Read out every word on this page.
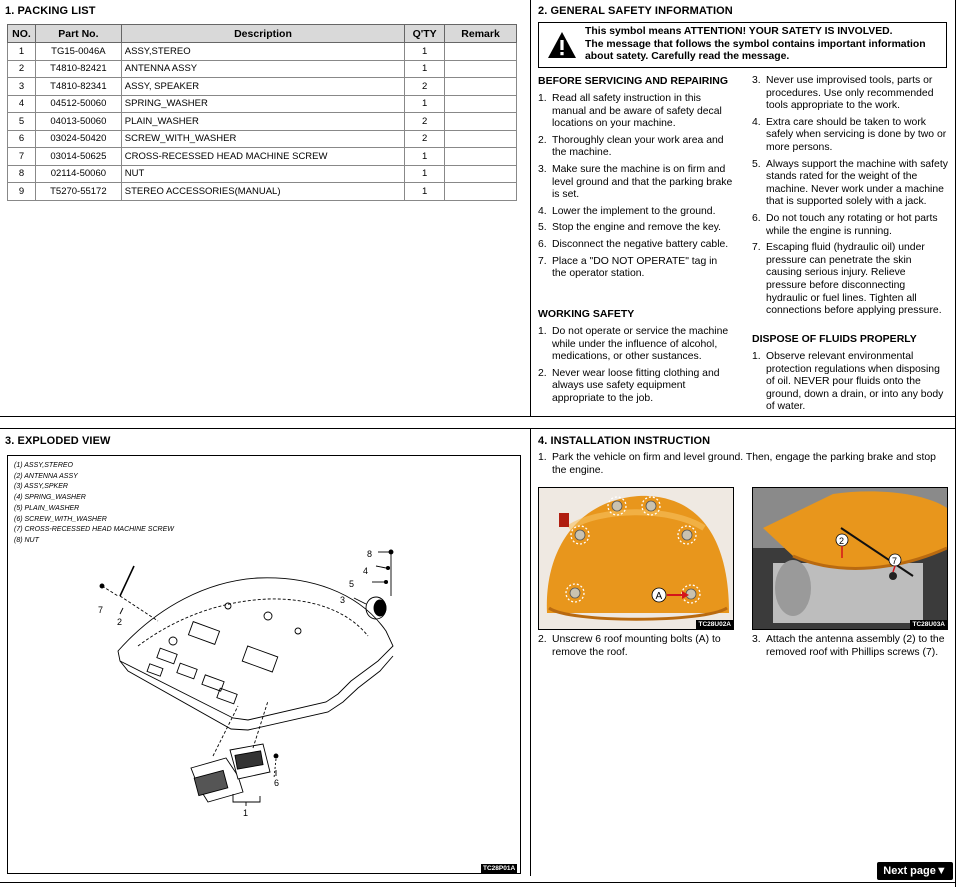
1. PACKING LIST
NO.	Part No.	Description	Q'TY	Remark
1	TG15-0046A	ASSY,STEREO	1	
2	T4810-82421	ANTENNA ASSY	1	
3	T4810-82341	ASSY, SPEAKER	2	
4	04512-50060	SPRING_WASHER	1	
5	04013-50060	PLAIN_WASHER	2	
6	03024-50420	SCREW_WITH_WASHER	2	
7	03014-50625	CROSS-RECESSED HEAD MACHINE SCREW	1	
8	02114-50060	NUT	1	
9	T5270-55172	STEREO ACCESSORIES(MANUAL)	1	
2. GENERAL SAFETY INFORMATION
This symbol means ATTENTION! YOUR SATETY IS INVOLVED.
The message that follows the symbol contains important information
about satety. Carefully read the message.
BEFORE SERVICING AND REPAIRING
1. Read all safety instruction in this manual and be aware of safety decal locations on your machine.
2. Thoroughly clean your work area and the machine.
3. Make sure the machine is on firm and level ground and that the parking brake is set.
4. Lower the implement to the ground.
5. Stop the engine and remove the key.
6. Disconnect the negative battery cable.
7. Place a "DO NOT OPERATE" tag in the operator station.
WORKING SAFETY
1. Do not operate or service the machine while under the influence of alcohol, medications, or other sustances.
2. Never wear loose fitting clothing and always use safety equipment appropriate to the job.
3. Never use improvised tools, parts or procedures. Use only recommended tools appropriate to the work.
4. Extra care should be taken to work safely when servicing is done by two or more persons.
5. Always support the machine with safety stands rated for the weight of the machine. Never work under a machine that is supported solely with a jack.
6. Do not touch any rotating or hot parts while the engine is running.
7. Escaping fluid (hydraulic oil) under pressure can penetrate the skin causing serious injury. Relieve pressure before disconnecting hydraulic or fuel lines. Tighten all connections before applying pressure.
DISPOSE OF FLUIDS PROPERLY
1. Observe relevant environmental protection regulations when disposing of oil. NEVER pour fluids onto the ground, down a drain, or into any body of water.
3. EXPLODED VIEW
(1) ASSY,STEREO
(2) ANTENNA ASSY
(3) ASSY,SPKER
(4) SPRING_WASHER
(5) PLAIN_WASHER
(6) SCREW_WITH_WASHER
(7) CROSS-RECESSED HEAD MACHINE SCREW
(8) NUT
1
2
3
4
5
6
7
8
TC28P01A
4. INSTALLATION INSTRUCTION
1. Park the vehicle on firm and level ground. Then, engage the parking brake and stop the engine.
A
TC28U02A
2. Unscrew 6 roof mounting bolts (A) to remove the roof.
2
7
TC28U03A
3. Attach the antenna assembly (2) to the removed roof with Phillips screws (7).
Next page▼
